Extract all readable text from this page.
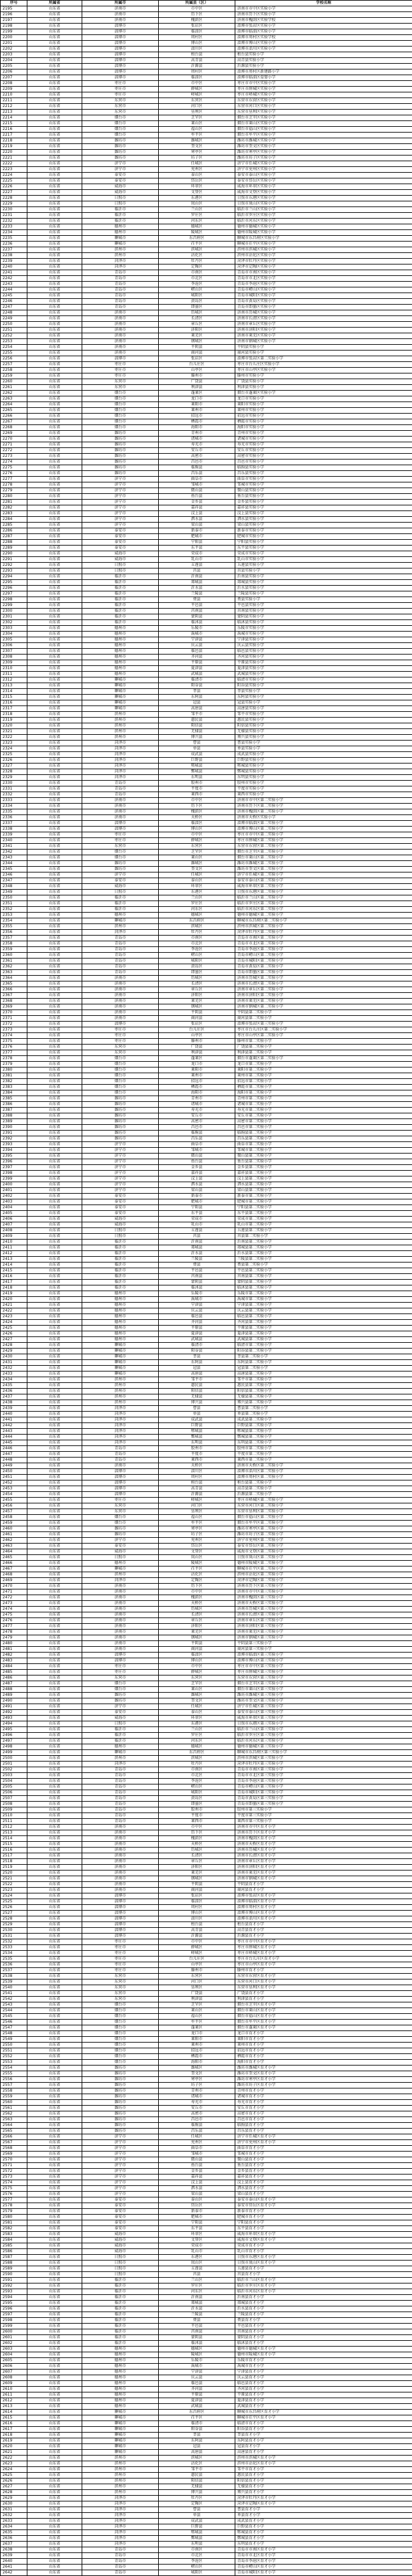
序号	所属省	所属市	所属县（区）	学校名称
2195	山东省	济南市	市中区	济南市市中区实验小学
2196	山东省	济南市	历下区	济南市历下区实验小学
2197	山东省	济南市	槐荫区	济南市槐荫区实验学校
2198	山东省	淄博市	张店区	淄博市张店区实验小学
2199	山东省	淄博市	临淄区	淄博市临淄区实验小学
2200	山东省	淄博市	周村区	淄博市周村区实验学校
2201	山东省	淄博市	博山区	淄博市博山区实验小学
2202	山东省	淄博市	淄川区	淄博市淄川区实验小学
2203	山东省	淄博市	桓台县	桓台县实验小学
2204	山东省	淄博市	高青县	高青县实验小学
2205	山东省	淄博市	沂源县	沂源县实验小学
2206	山东省	淄博市	周村区	淄博市周村区新建路小学
2207	山东省	淄博市	临淄区	淄博市临淄区晏婴小学
2208	山东省	枣庄市	市中区	枣庄市市中区实验小学
2209	山东省	枣庄市	薛城区	枣庄市薛城区实验小学
2210	山东省	枣庄市	峄城区	枣庄市峄城区实验小学
2211	山东省	东营市	东营区	东营市东营区实验小学
2212	山东省	东营市	河口区	东营市河口区实验小学
2213	山东省	东营市	垦利区	东营市垦利区实验小学
2214	山东省	烟台市	芝罘区	烟台市芝罘区实验小学
2215	山东省	烟台市	莱山区	烟台市莱山区实验小学
2216	山东省	烟台市	福山区	烟台市福山区实验小学
2217	山东省	烟台市	牟平区	烟台市牟平区实验小学
2218	山东省	潍坊市	潍城区	潍坊市潍城区实验小学
2219	山东省	潍坊市	奎文区	潍坊市奎文区实验小学
2220	山东省	潍坊市	寒亭区	潍坊市寒亭区实验小学
2221	山东省	潍坊市	坊子区	潍坊市坊子区实验小学
2222	山东省	济宁市	任城区	济宁市任城区实验小学
2223	山东省	济宁市	兖州区	济宁市兖州区实验小学
2224	山东省	泰安市	泰山区	泰安市泰山区实验小学
2225	山东省	泰安市	岱岳区	泰安市岱岳区实验小学
2226	山东省	威海市	环翠区	威海市环翠区实验小学
2227	山东省	威海市	文登区	威海市文登区实验小学
2228	山东省	日照市	东港区	日照市东港区实验小学
2229	山东省	日照市	岚山区	日照市岚山区实验小学
2230	山东省	临沂市	兰山区	临沂市兰山区实验小学
2231	山东省	临沂市	罗庄区	临沂市罗庄区实验小学
2232	山东省	临沂市	河东区	临沂市河东区实验小学
2233	山东省	德州市	德城区	德州市德城区实验小学
2234	山东省	德州市	陵城区	德州市陵城区实验小学
2235	山东省	聊城市	东昌府区	聊城市东昌府区实验小学
2236	山东省	聊城市	茌平区	聊城市茌平区实验小学
2237	山东省	滨州市	滨城区	滨州市滨城区实验小学
2238	山东省	滨州市	沾化区	滨州市沾化区实验小学
2239	山东省	菏泽市	牡丹区	菏泽市牡丹区实验小学
2240	山东省	菏泽市	定陶区	菏泽市定陶区实验小学
2241	山东省	青岛市	市南区	青岛市市南区实验小学
2242	山东省	青岛市	市北区	青岛市市北区实验小学
2243	山东省	青岛市	李沧区	青岛市李沧区实验小学
2244	山东省	青岛市	崂山区	青岛市崂山区实验小学
2245	山东省	青岛市	城阳区	青岛市城阳区实验小学
2246	山东省	青岛市	黄岛区	青岛市黄岛区实验小学
2247	山东省	青岛市	即墨区	青岛市即墨区实验小学
2248	山东省	济南市	历城区	济南市历城区实验小学
2249	山东省	济南市	长清区	济南市长清区实验小学
2250	山东省	济南市	章丘区	济南市章丘区实验小学
2251	山东省	济南市	济阳区	济南市济阳区实验小学
2252	山东省	济南市	莱芜区	济南市莱芜区实验小学
2253	山东省	济南市	钢城区	济南市钢城区实验小学
2254	山东省	济南市	平阴县	平阴县实验小学
2255	山东省	济南市	商河县	商河县实验小学
2256	山东省	淄博市	张店区	淄博市张店区第二实验小学
2257	山东省	枣庄市	台儿庄区	枣庄市台儿庄区实验小学
2258	山东省	枣庄市	山亭区	枣庄市山亭区实验小学
2259	山东省	枣庄市	滕州市	滕州市实验小学
2260	山东省	东营市	广饶县	广饶县实验小学
2261	山东省	东营市	利津县	利津县实验小学
2262	山东省	烟台市	蓬莱区	烟台市蓬莱区实验小学
2263	山东省	烟台市	龙口市	龙口市实验小学
2264	山东省	烟台市	莱阳市	莱阳市实验小学
2265	山东省	烟台市	莱州市	莱州市实验小学
2266	山东省	烟台市	招远市	招远市实验小学
2267	山东省	烟台市	栖霞市	栖霞市实验小学
2268	山东省	烟台市	海阳市	海阳市实验小学
2269	山东省	潍坊市	青州市	青州市实验小学
2270	山东省	潍坊市	诸城市	诸城市实验小学
2271	山东省	潍坊市	寿光市	寿光市实验小学
2272	山东省	潍坊市	安丘市	安丘市实验小学
2273	山东省	潍坊市	高密市	高密市实验小学
2274	山东省	潍坊市	昌邑市	昌邑市实验小学
2275	山东省	潍坊市	临朐县	临朐县实验小学
2276	山东省	潍坊市	昌乐县	昌乐县实验小学
2277	山东省	济宁市	曲阜市	曲阜市实验小学
2278	山东省	济宁市	邹城市	邹城市实验小学
2279	山东省	济宁市	微山县	微山县实验小学
2280	山东省	济宁市	鱼台县	鱼台县实验小学
2281	山东省	济宁市	金乡县	金乡县实验小学
2282	山东省	济宁市	嘉祥县	嘉祥县实验小学
2283	山东省	济宁市	汶上县	汶上县实验小学
2284	山东省	济宁市	泗水县	泗水县实验小学
2285	山东省	济宁市	梁山县	梁山县实验小学
2286	山东省	泰安市	新泰市	新泰市实验小学
2287	山东省	泰安市	肥城市	肥城市实验小学
2288	山东省	泰安市	宁阳县	宁阳县实验小学
2289	山东省	泰安市	东平县	东平县实验小学
2290	山东省	威海市	荣成市	荣成市实验小学
2291	山东省	威海市	乳山市	乳山市实验小学
2292	山东省	日照市	五莲县	五莲县实验小学
2293	山东省	日照市	莒县	莒县实验小学
2294	山东省	临沂市	沂南县	沂南县实验小学
2295	山东省	临沂市	郯城县	郯城县实验小学
2296	山东省	临沂市	沂水县	沂水县实验小学
2297	山东省	临沂市	兰陵县	兰陵县实验小学
2298	山东省	临沂市	费县	费县实验小学
2299	山东省	临沂市	平邑县	平邑县实验小学
2300	山东省	临沂市	莒南县	莒南县实验小学
2301	山东省	临沂市	蒙阴县	蒙阴县实验小学
2302	山东省	临沂市	临沭县	临沭县实验小学
2303	山东省	德州市	乐陵市	乐陵市实验小学
2304	山东省	德州市	禹城市	禹城市实验小学
2305	山东省	德州市	宁津县	宁津县实验小学
2306	山东省	德州市	庆云县	庆云县实验小学
2307	山东省	德州市	临邑县	临邑县实验小学
2308	山东省	德州市	齐河县	齐河县实验小学
2309	山东省	德州市	平原县	平原县实验小学
2310	山东省	德州市	夏津县	夏津县实验小学
2311	山东省	德州市	武城县	武城县实验小学
2312	山东省	聊城市	临清市	临清市实验小学
2313	山东省	聊城市	阳谷县	阳谷县实验小学
2314	山东省	聊城市	莘县	莘县实验小学
2315	山东省	聊城市	东阿县	东阿县实验小学
2316	山东省	聊城市	冠县	冠县实验小学
2317	山东省	聊城市	高唐县	高唐县实验小学
2318	山东省	滨州市	邹平市	邹平市实验小学
2319	山东省	滨州市	惠民县	惠民县实验小学
2320	山东省	滨州市	阳信县	阳信县实验小学
2321	山东省	滨州市	无棣县	无棣县实验小学
2322	山东省	滨州市	博兴县	博兴县实验小学
2323	山东省	菏泽市	曹县	曹县实验小学
2324	山东省	菏泽市	单县	单县实验小学
2325	山东省	菏泽市	成武县	成武县实验小学
2326	山东省	菏泽市	巨野县	巨野县实验小学
2327	山东省	菏泽市	郓城县	郓城县实验小学
2328	山东省	菏泽市	鄄城县	鄄城县实验小学
2329	山东省	菏泽市	东明县	东明县实验小学
2330	山东省	青岛市	胶州市	胶州市实验小学
2331	山东省	青岛市	平度市	平度市实验小学
2332	山东省	青岛市	莱西市	莱西市实验小学
2333	山东省	济南市	市中区	济南市市中区第二实验小学
2334	山东省	济南市	历下区	济南市历下区第二实验小学
2335	山东省	济南市	槐荫区	济南市槐荫区第二实验小学
2336	山东省	济南市	天桥区	济南市天桥区实验小学
2337	山东省	淄博市	临淄区	淄博市临淄区第二实验小学
2338	山东省	淄博市	博山区	淄博市博山区第二实验小学
2339	山东省	枣庄市	市中区	枣庄市市中区第二实验小学
2340	山东省	枣庄市	薛城区	枣庄市薛城区第二实验小学
2341	山东省	东营市	东营区	东营市东营区第二实验小学
2342	山东省	烟台市	芝罘区	烟台市芝罘区第二实验小学
2343	山东省	烟台市	莱山区	烟台市莱山区第二实验小学
2344	山东省	潍坊市	潍城区	潍坊市潍城区第二实验小学
2345	山东省	潍坊市	奎文区	潍坊市奎文区第二实验小学
2346	山东省	济宁市	任城区	济宁市任城区第二实验小学
2347	山东省	泰安市	泰山区	泰安市泰山区第二实验小学
2348	山东省	威海市	环翠区	威海市环翠区第二实验小学
2349	山东省	日照市	东港区	日照市东港区第二实验小学
2350	山东省	临沂市	兰山区	临沂市兰山区第二实验小学
2351	山东省	临沂市	罗庄区	临沂市罗庄区第二实验小学
2352	山东省	临沂市	河东区	临沂市河东区第二实验小学
2353	山东省	德州市	德城区	德州市德城区第二实验小学
2354	山东省	聊城市	东昌府区	聊城市东昌府区第二实验小学
2355	山东省	滨州市	滨城区	滨州市滨城区第二实验小学
2356	山东省	菏泽市	牡丹区	菏泽市牡丹区第二实验小学
2357	山东省	青岛市	市南区	青岛市市南区第二实验小学
2358	山东省	青岛市	市北区	青岛市市北区第二实验小学
2359	山东省	青岛市	李沧区	青岛市李沧区第二实验小学
2360	山东省	青岛市	崂山区	青岛市崂山区第二实验小学
2361	山东省	青岛市	城阳区	青岛市城阳区第二实验小学
2362	山东省	青岛市	黄岛区	青岛市黄岛区第二实验小学
2363	山东省	青岛市	即墨区	青岛市即墨区第二实验小学
2364	山东省	济南市	历城区	济南市历城区第二实验小学
2365	山东省	济南市	长清区	济南市长清区第二实验小学
2366	山东省	济南市	章丘区	济南市章丘区第二实验小学
2367	山东省	济南市	济阳区	济南市济阳区第二实验小学
2368	山东省	济南市	莱芜区	济南市莱芜区第二实验小学
2369	山东省	济南市	钢城区	济南市钢城区第二实验小学
2370	山东省	济南市	平阴县	平阴县第二实验小学
2371	山东省	济南市	商河县	商河县第二实验小学
2372	山东省	淄博市	张店区	淄博市张店区第三实验小学
2373	山东省	枣庄市	台儿庄区	枣庄市台儿庄区第二实验小学
2374	山东省	枣庄市	山亭区	枣庄市山亭区第二实验小学
2375	山东省	枣庄市	滕州市	滕州市第二实验小学
2376	山东省	东营市	广饶县	广饶县第二实验小学
2377	山东省	东营市	利津县	利津县第二实验小学
2378	山东省	烟台市	蓬莱区	烟台市蓬莱区第二实验小学
2379	山东省	烟台市	龙口市	龙口市第二实验小学
2380	山东省	烟台市	莱阳市	莱阳市第二实验小学
2381	山东省	烟台市	莱州市	莱州市第二实验小学
2382	山东省	烟台市	招远市	招远市第二实验小学
2383	山东省	烟台市	栖霞市	栖霞市第二实验小学
2384	山东省	烟台市	海阳市	海阳市第二实验小学
2385	山东省	潍坊市	青州市	青州市第二实验小学
2386	山东省	潍坊市	诸城市	诸城市第二实验小学
2387	山东省	潍坊市	寿光市	寿光市第二实验小学
2388	山东省	潍坊市	安丘市	安丘市第二实验小学
2389	山东省	潍坊市	高密市	高密市第二实验小学
2390	山东省	潍坊市	昌邑市	昌邑市第二实验小学
2391	山东省	潍坊市	临朐县	临朐县第二实验小学
2392	山东省	潍坊市	昌乐县	昌乐县第二实验小学
2393	山东省	济宁市	曲阜市	曲阜市第二实验小学
2394	山东省	济宁市	邹城市	邹城市第二实验小学
2395	山东省	济宁市	微山县	微山县第二实验小学
2396	山东省	济宁市	鱼台县	鱼台县第二实验小学
2397	山东省	济宁市	金乡县	金乡县第二实验小学
2398	山东省	济宁市	嘉祥县	嘉祥县第二实验小学
2399	山东省	济宁市	汶上县	汶上县第二实验小学
2400	山东省	济宁市	泗水县	泗水县第二实验小学
2401	山东省	济宁市	梁山县	梁山县第二实验小学
2402	山东省	泰安市	新泰市	新泰市第二实验小学
2403	山东省	泰安市	肥城市	肥城市第二实验小学
2404	山东省	泰安市	宁阳县	宁阳县第二实验小学
2405	山东省	泰安市	东平县	东平县第二实验小学
2406	山东省	威海市	荣成市	荣成市第二实验小学
2407	山东省	威海市	乳山市	乳山市第二实验小学
2408	山东省	日照市	五莲县	五莲县第二实验小学
2409	山东省	日照市	莒县	莒县第二实验小学
2410	山东省	临沂市	沂南县	沂南县第二实验小学
2411	山东省	临沂市	郯城县	郯城县第二实验小学
2412	山东省	临沂市	沂水县	沂水县第二实验小学
2413	山东省	临沂市	兰陵县	兰陵县第二实验小学
2414	山东省	临沂市	费县	费县第二实验小学
2415	山东省	临沂市	平邑县	平邑县第二实验小学
2416	山东省	临沂市	莒南县	莒南县第二实验小学
2417	山东省	临沂市	蒙阴县	蒙阴县第二实验小学
2418	山东省	临沂市	临沭县	临沭县第二实验小学
2419	山东省	德州市	乐陵市	乐陵市第二实验小学
2420	山东省	德州市	禹城市	禹城市第二实验小学
2421	山东省	德州市	宁津县	宁津县第二实验小学
2422	山东省	德州市	庆云县	庆云县第二实验小学
2423	山东省	德州市	临邑县	临邑县第二实验小学
2424	山东省	德州市	齐河县	齐河县第二实验小学
2425	山东省	德州市	平原县	平原县第二实验小学
2426	山东省	德州市	夏津县	夏津县第二实验小学
2427	山东省	德州市	武城县	武城县第二实验小学
2428	山东省	聊城市	临清市	临清市第二实验小学
2429	山东省	聊城市	阳谷县	阳谷县第二实验小学
2430	山东省	聊城市	莘县	莘县第二实验小学
2431	山东省	聊城市	东阿县	东阿县第二实验小学
2432	山东省	聊城市	冠县	冠县第二实验小学
2433	山东省	聊城市	高唐县	高唐县第二实验小学
2434	山东省	滨州市	邹平市	邹平市第二实验小学
2435	山东省	滨州市	惠民县	惠民县第二实验小学
2436	山东省	滨州市	阳信县	阳信县第二实验小学
2437	山东省	滨州市	无棣县	无棣县第二实验小学
2438	山东省	滨州市	博兴县	博兴县第二实验小学
2439	山东省	菏泽市	曹县	曹县第二实验小学
2440	山东省	菏泽市	单县	单县第二实验小学
2441	山东省	菏泽市	成武县	成武县第二实验小学
2442	山东省	菏泽市	巨野县	巨野县第二实验小学
2443	山东省	菏泽市	郓城县	郓城县第二实验小学
2444	山东省	菏泽市	鄄城县	鄄城县第二实验小学
2445	山东省	菏泽市	东明县	东明县第二实验小学
2446	山东省	青岛市	胶州市	胶州市第二实验小学
2447	山东省	青岛市	平度市	平度市第二实验小学
2448	山东省	青岛市	莱西市	莱西市第二实验小学
2449	山东省	济南市	天桥区	济南市天桥区第二实验小学
2450	山东省	淄博市	淄川区	淄博市淄川区第二实验小学
2451	山东省	淄博市	周村区	淄博市周村区第二实验小学
2452	山东省	淄博市	桓台县	桓台县第二实验小学
2453	山东省	淄博市	高青县	高青县第二实验小学
2454	山东省	淄博市	沂源县	沂源县第二实验小学
2455	山东省	枣庄市	峄城区	枣庄市峄城区第二实验小学
2456	山东省	东营市	河口区	东营市河口区第二实验小学
2457	山东省	东营市	垦利区	东营市垦利区第二实验小学
2458	山东省	烟台市	福山区	烟台市福山区第二实验小学
2459	山东省	烟台市	牟平区	烟台市牟平区第二实验小学
2460	山东省	潍坊市	寒亭区	潍坊市寒亭区第二实验小学
2461	山东省	潍坊市	坊子区	潍坊市坊子区第二实验小学
2462	山东省	济宁市	兖州区	济宁市兖州区第二实验小学
2463	山东省	泰安市	岱岳区	泰安市岱岳区第二实验小学
2464	山东省	威海市	文登区	威海市文登区第二实验小学
2465	山东省	日照市	岚山区	日照市岚山区第二实验小学
2466	山东省	德州市	陵城区	德州市陵城区第二实验小学
2467	山东省	聊城市	茌平区	聊城市茌平区第二实验小学
2468	山东省	滨州市	沾化区	滨州市沾化区第二实验小学
2469	山东省	菏泽市	定陶区	菏泽市定陶区第二实验小学
2470	山东省	济南市	历下区	济南市历下区第三实验小学
2471	山东省	济南市	市中区	济南市市中区第三实验小学
2472	山东省	济南市	槐荫区	济南市槐荫区第三实验小学
2473	山东省	济南市	天桥区	济南市天桥区第三实验小学
2474	山东省	济南市	历城区	济南市历城区第三实验小学
2475	山东省	济南市	长清区	济南市长清区第三实验小学
2476	山东省	济南市	章丘区	济南市章丘区第三实验小学
2477	山东省	济南市	济阳区	济南市济阳区第三实验小学
2478	山东省	济南市	莱芜区	济南市莱芜区第三实验小学
2479	山东省	济南市	钢城区	济南市钢城区第三实验小学
2480	山东省	济南市	平阴县	平阴县第三实验小学
2481	山东省	济南市	商河县	商河县第三实验小学
2482	山东省	淄博市	临淄区	淄博市临淄区第三实验小学
2483	山东省	淄博市	博山区	淄博市博山区第三实验小学
2484	山东省	枣庄市	市中区	枣庄市市中区第三实验小学
2485	山东省	枣庄市	薛城区	枣庄市薛城区第三实验小学
2486	山东省	东营市	东营区	东营市东营区第三实验小学
2487	山东省	烟台市	芝罘区	烟台市芝罘区第三实验小学
2488	山东省	烟台市	莱山区	烟台市莱山区第三实验小学
2489	山东省	潍坊市	潍城区	潍坊市潍城区第三实验小学
2490	山东省	潍坊市	奎文区	潍坊市奎文区第三实验小学
2491	山东省	济宁市	任城区	济宁市任城区第三实验小学
2492	山东省	泰安市	泰山区	泰安市泰山区第三实验小学
2493	山东省	威海市	环翠区	威海市环翠区第三实验小学
2494	山东省	日照市	东港区	日照市东港区第三实验小学
2495	山东省	临沂市	兰山区	临沂市兰山区第三实验小学
2496	山东省	临沂市	罗庄区	临沂市罗庄区第三实验小学
2497	山东省	临沂市	河东区	临沂市河东区第三实验小学
2498	山东省	德州市	德城区	德州市德城区第三实验小学
2499	山东省	聊城市	东昌府区	聊城市东昌府区第三实验小学
2500	山东省	滨州市	滨城区	滨州市滨城区第三实验小学
2501	山东省	菏泽市	牡丹区	菏泽市牡丹区第三实验小学
2502	山东省	青岛市	市南区	青岛市市南区第三实验小学
2503	山东省	青岛市	市北区	青岛市市北区第三实验小学
2504	山东省	青岛市	李沧区	青岛市李沧区第三实验小学
2505	山东省	青岛市	崂山区	青岛市崂山区第三实验小学
2506	山东省	青岛市	城阳区	青岛市城阳区第三实验小学
2507	山东省	青岛市	黄岛区	青岛市黄岛区第三实验小学
2508	山东省	青岛市	即墨区	青岛市即墨区第三实验小学
2509	山东省	青岛市	胶州市	胶州市第三实验小学
2510	山东省	青岛市	平度市	平度市第三实验小学
2511	山东省	青岛市	莱西市	莱西市第三实验小学
2512	山东省	济南市	市中区	济南市市中区育才小学
2513	山东省	济南市	历下区	济南市历下区育才小学
2514	山东省	济南市	槐荫区	济南市槐荫区育才小学
2515	山东省	济南市	天桥区	济南市天桥区育才小学
2516	山东省	济南市	历城区	济南市历城区育才小学
2517	山东省	济南市	长清区	济南市长清区育才小学
2518	山东省	济南市	章丘区	济南市章丘区育才小学
2519	山东省	济南市	济阳区	济南市济阳区育才小学
2520	山东省	济南市	莱芜区	济南市莱芜区育才小学
2521	山东省	济南市	钢城区	济南市钢城区育才小学
2522	山东省	济南市	平阴县	平阴县育才小学
2523	山东省	济南市	商河县	商河县育才小学
2524	山东省	淄博市	张店区	淄博市张店区育才小学
2525	山东省	淄博市	临淄区	淄博市临淄区育才小学
2526	山东省	淄博市	周村区	淄博市周村区育才小学
2527	山东省	淄博市	博山区	淄博市博山区育才小学
2528	山东省	淄博市	淄川区	淄博市淄川区育才小学
2529	山东省	淄博市	桓台县	桓台县育才小学
2530	山东省	淄博市	高青县	高青县育才小学
2531	山东省	淄博市	沂源县	沂源县育才小学
2532	山东省	枣庄市	市中区	枣庄市市中区育才小学
2533	山东省	枣庄市	薛城区	枣庄市薛城区育才小学
2534	山东省	枣庄市	峄城区	枣庄市峄城区育才小学
2535	山东省	枣庄市	台儿庄区	枣庄市台儿庄区育才小学
2536	山东省	枣庄市	山亭区	枣庄市山亭区育才小学
2537	山东省	枣庄市	滕州市	滕州市育才小学
2538	山东省	东营市	东营区	东营市东营区育才小学
2539	山东省	东营市	河口区	东营市河口区育才小学
2540	山东省	东营市	垦利区	东营市垦利区育才小学
2541	山东省	东营市	广饶县	广饶县育才小学
2542	山东省	东营市	利津县	利津县育才小学
2543	山东省	烟台市	芝罘区	烟台市芝罘区育才小学
2544	山东省	烟台市	莱山区	烟台市莱山区育才小学
2545	山东省	烟台市	福山区	烟台市福山区育才小学
2546	山东省	烟台市	牟平区	烟台市牟平区育才小学
2547	山东省	烟台市	蓬莱区	烟台市蓬莱区育才小学
2548	山东省	烟台市	龙口市	龙口市育才小学
2549	山东省	烟台市	莱阳市	莱阳市育才小学
2550	山东省	烟台市	莱州市	莱州市育才小学
2551	山东省	烟台市	招远市	招远市育才小学
2552	山东省	烟台市	栖霞市	栖霞市育才小学
2553	山东省	烟台市	海阳市	海阳市育才小学
2554	山东省	潍坊市	潍城区	潍坊市潍城区育才小学
2555	山东省	潍坊市	奎文区	潍坊市奎文区育才小学
2556	山东省	潍坊市	寒亭区	潍坊市寒亭区育才小学
2557	山东省	潍坊市	坊子区	潍坊市坊子区育才小学
2558	山东省	潍坊市	青州市	青州市育才小学
2559	山东省	潍坊市	诸城市	诸城市育才小学
2560	山东省	潍坊市	寿光市	寿光市育才小学
2561	山东省	潍坊市	安丘市	安丘市育才小学
2562	山东省	潍坊市	高密市	高密市育才小学
2563	山东省	潍坊市	昌邑市	昌邑市育才小学
2564	山东省	潍坊市	临朐县	临朐县育才小学
2565	山东省	潍坊市	昌乐县	昌乐县育才小学
2566	山东省	济宁市	任城区	济宁市任城区育才小学
2567	山东省	济宁市	兖州区	济宁市兖州区育才小学
2568	山东省	济宁市	曲阜市	曲阜市育才小学
2569	山东省	济宁市	邹城市	邹城市育才小学
2570	山东省	济宁市	微山县	微山县育才小学
2571	山东省	济宁市	鱼台县	鱼台县育才小学
2572	山东省	济宁市	金乡县	金乡县育才小学
2573	山东省	济宁市	嘉祥县	嘉祥县育才小学
2574	山东省	济宁市	汶上县	汶上县育才小学
2575	山东省	济宁市	泗水县	泗水县育才小学
2576	山东省	济宁市	梁山县	梁山县育才小学
2577	山东省	泰安市	泰山区	泰安市泰山区育才小学
2578	山东省	泰安市	岱岳区	泰安市岱岳区育才小学
2579	山东省	泰安市	新泰市	新泰市育才小学
2580	山东省	泰安市	肥城市	肥城市育才小学
2581	山东省	泰安市	宁阳县	宁阳县育才小学
2582	山东省	泰安市	东平县	东平县育才小学
2583	山东省	威海市	环翠区	威海市环翠区育才小学
2584	山东省	威海市	文登区	威海市文登区育才小学
2585	山东省	威海市	荣成市	荣成市育才小学
2586	山东省	威海市	乳山市	乳山市育才小学
2587	山东省	日照市	东港区	日照市东港区育才小学
2588	山东省	日照市	岚山区	日照市岚山区育才小学
2589	山东省	日照市	五莲县	五莲县育才小学
2590	山东省	日照市	莒县	莒县育才小学
2591	山东省	临沂市	兰山区	临沂市兰山区育才小学
2592	山东省	临沂市	罗庄区	临沂市罗庄区育才小学
2593	山东省	临沂市	河东区	临沂市河东区育才小学
2594	山东省	临沂市	沂南县	沂南县育才小学
2595	山东省	临沂市	郯城县	郯城县育才小学
2596	山东省	临沂市	沂水县	沂水县育才小学
2597	山东省	临沂市	兰陵县	兰陵县育才小学
2598	山东省	临沂市	费县	费县育才小学
2599	山东省	临沂市	平邑县	平邑县育才小学
2600	山东省	临沂市	莒南县	莒南县育才小学
2601	山东省	临沂市	蒙阴县	蒙阴县育才小学
2602	山东省	临沂市	临沭县	临沭县育才小学
2603	山东省	德州市	德城区	德州市德城区育才小学
2604	山东省	德州市	陵城区	德州市陵城区育才小学
2605	山东省	德州市	乐陵市	乐陵市育才小学
2606	山东省	德州市	禹城市	禹城市育才小学
2607	山东省	德州市	宁津县	宁津县育才小学
2608	山东省	德州市	庆云县	庆云县育才小学
2609	山东省	德州市	临邑县	临邑县育才小学
2610	山东省	德州市	齐河县	齐河县育才小学
2611	山东省	德州市	平原县	平原县育才小学
2612	山东省	德州市	夏津县	夏津县育才小学
2613	山东省	德州市	武城县	武城县育才小学
2614	山东省	聊城市	东昌府区	聊城市东昌府区育才小学
2615	山东省	聊城市	茌平区	聊城市茌平区育才小学
2616	山东省	聊城市	临清市	临清市育才小学
2617	山东省	聊城市	阳谷县	阳谷县育才小学
2618	山东省	聊城市	莘县	莘县育才小学
2619	山东省	聊城市	东阿县	东阿县育才小学
2620	山东省	聊城市	冠县	冠县育才小学
2621	山东省	聊城市	高唐县	高唐县育才小学
2622	山东省	滨州市	滨城区	滨州市滨城区育才小学
2623	山东省	滨州市	沾化区	滨州市沾化区育才小学
2624	山东省	滨州市	邹平市	邹平市育才小学
2625	山东省	滨州市	惠民县	惠民县育才小学
2626	山东省	滨州市	阳信县	阳信县育才小学
2627	山东省	滨州市	无棣县	无棣县育才小学
2628	山东省	滨州市	博兴县	博兴县育才小学
2629	山东省	菏泽市	牡丹区	菏泽市牡丹区育才小学
2630	山东省	菏泽市	定陶区	菏泽市定陶区育才小学
2631	山东省	菏泽市	曹县	曹县育才小学
2632	山东省	菏泽市	单县	单县育才小学
2633	山东省	菏泽市	成武县	成武县育才小学
2634	山东省	菏泽市	巨野县	巨野县育才小学
2635	山东省	菏泽市	郓城县	郓城县育才小学
2636	山东省	菏泽市	鄄城县	鄄城县育才小学
2637	山东省	菏泽市	东明县	东明县育才小学
2638	山东省	青岛市	市南区	青岛市市南区育才小学
2639	山东省	青岛市	市北区	青岛市市北区育才小学
2640	山东省	青岛市	李沧区	青岛市李沧区育才小学
2641	山东省	青岛市	崂山区	青岛市崂山区育才小学
2642	山东省	青岛市	城阳区	青岛市城阳区育才小学
